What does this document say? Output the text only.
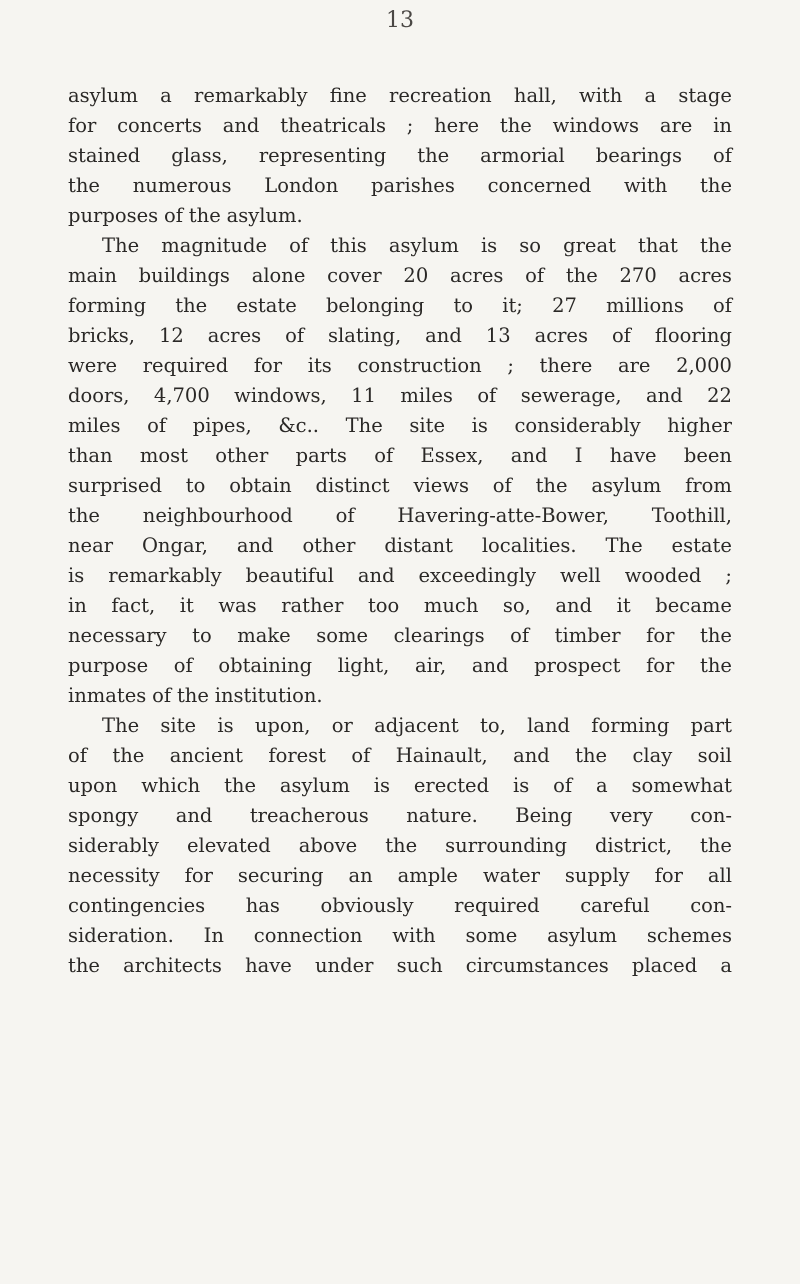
13
asylum a remarkably fine recreation hall, with a stage
for concerts and theatricals ; here the windows are in
stained glass, representing the armorial bearings of
the numerous London parishes concerned with the
purposes of the asylum.
The magnitude of this asylum is so great that the
main buildings alone cover 20 acres of the 270 acres
forming the estate belonging to it; 27 millions of
bricks, 12 acres of slating, and 13 acres of flooring
were required for its construction ; there are 2,000
doors, 4,700 windows, 11 miles of sewerage, and 22
miles of pipes, &c.. The site is considerably higher
than most other parts of Essex, and I have been
surprised to obtain distinct views of the asylum from
the neighbourhood of Havering-atte-Bower, Toothill,
near Ongar, and other distant localities. The estate
is remarkably beautiful and exceedingly well wooded ;
in fact, it was rather too much so, and it became
necessary to make some clearings of timber for the
purpose of obtaining light, air, and prospect for the
inmates of the institution.
The site is upon, or adjacent to, land forming part
of the ancient forest of Hainault, and the clay soil
upon which the asylum is erected is of a somewhat
spongy and treacherous nature. Being very con-
siderably elevated above the surrounding district, the
necessity for securing an ample water supply for all
contingencies has obviously required careful con-
sideration. In connection with some asylum schemes
the architects have under such circumstances placed a
